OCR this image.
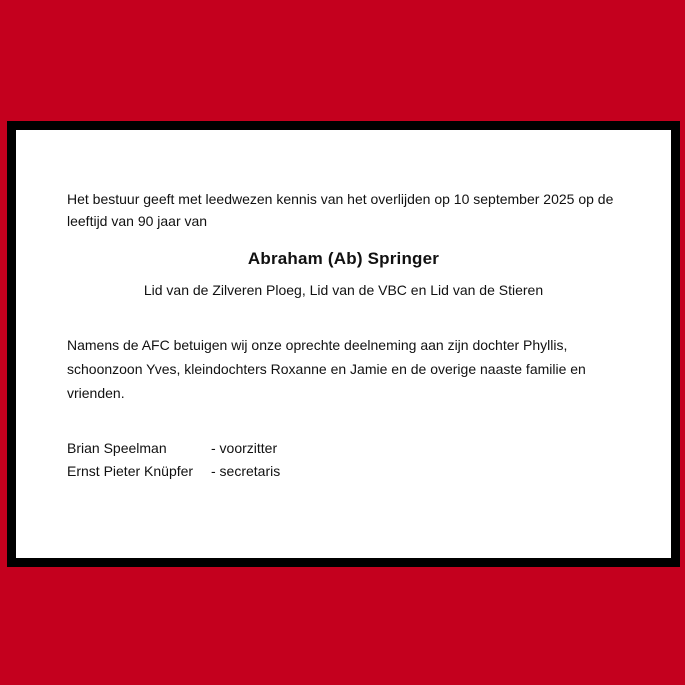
Het bestuur geeft met leedwezen kennis van het overlijden op 10 september 2025 op de leeftijd van 90 jaar van

Abraham (Ab) Springer

Lid van de Zilveren Ploeg, Lid van de VBC en Lid van de Stieren

Namens de AFC betuigen wij onze oprechte deelneming aan zijn dochter Phyllis, schoonzoon Yves, kleindochters Roxanne en Jamie en de overige naaste familie en vrienden.

Brian Speelman	- voorzitter
Ernst Pieter Knüpfer	- secretaris
